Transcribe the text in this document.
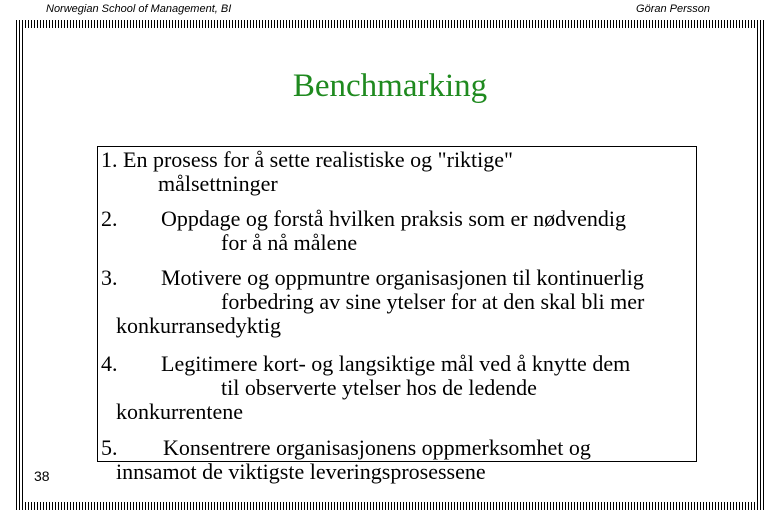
Norwegian School of Management, BI	Göran Persson
Benchmarking
1. En prosess for å sette realistiske og "riktige"
målsettninger
2. Oppdage og forstå hvilken praksis som er nødvendig
for å nå målene
3. Motivere og oppmuntre organisasjonen til kontinuerlig
forbedring av sine ytelser for at den skal bli mer
konkurransedyktig
4. Legitimere kort- og langsiktige mål ved å knytte dem
til observerte ytelser hos de ledende
konkurrentene
5. Konsentrere organisasjonens oppmerksomhet og
innsamot de viktigste leveringsprosessene
38
